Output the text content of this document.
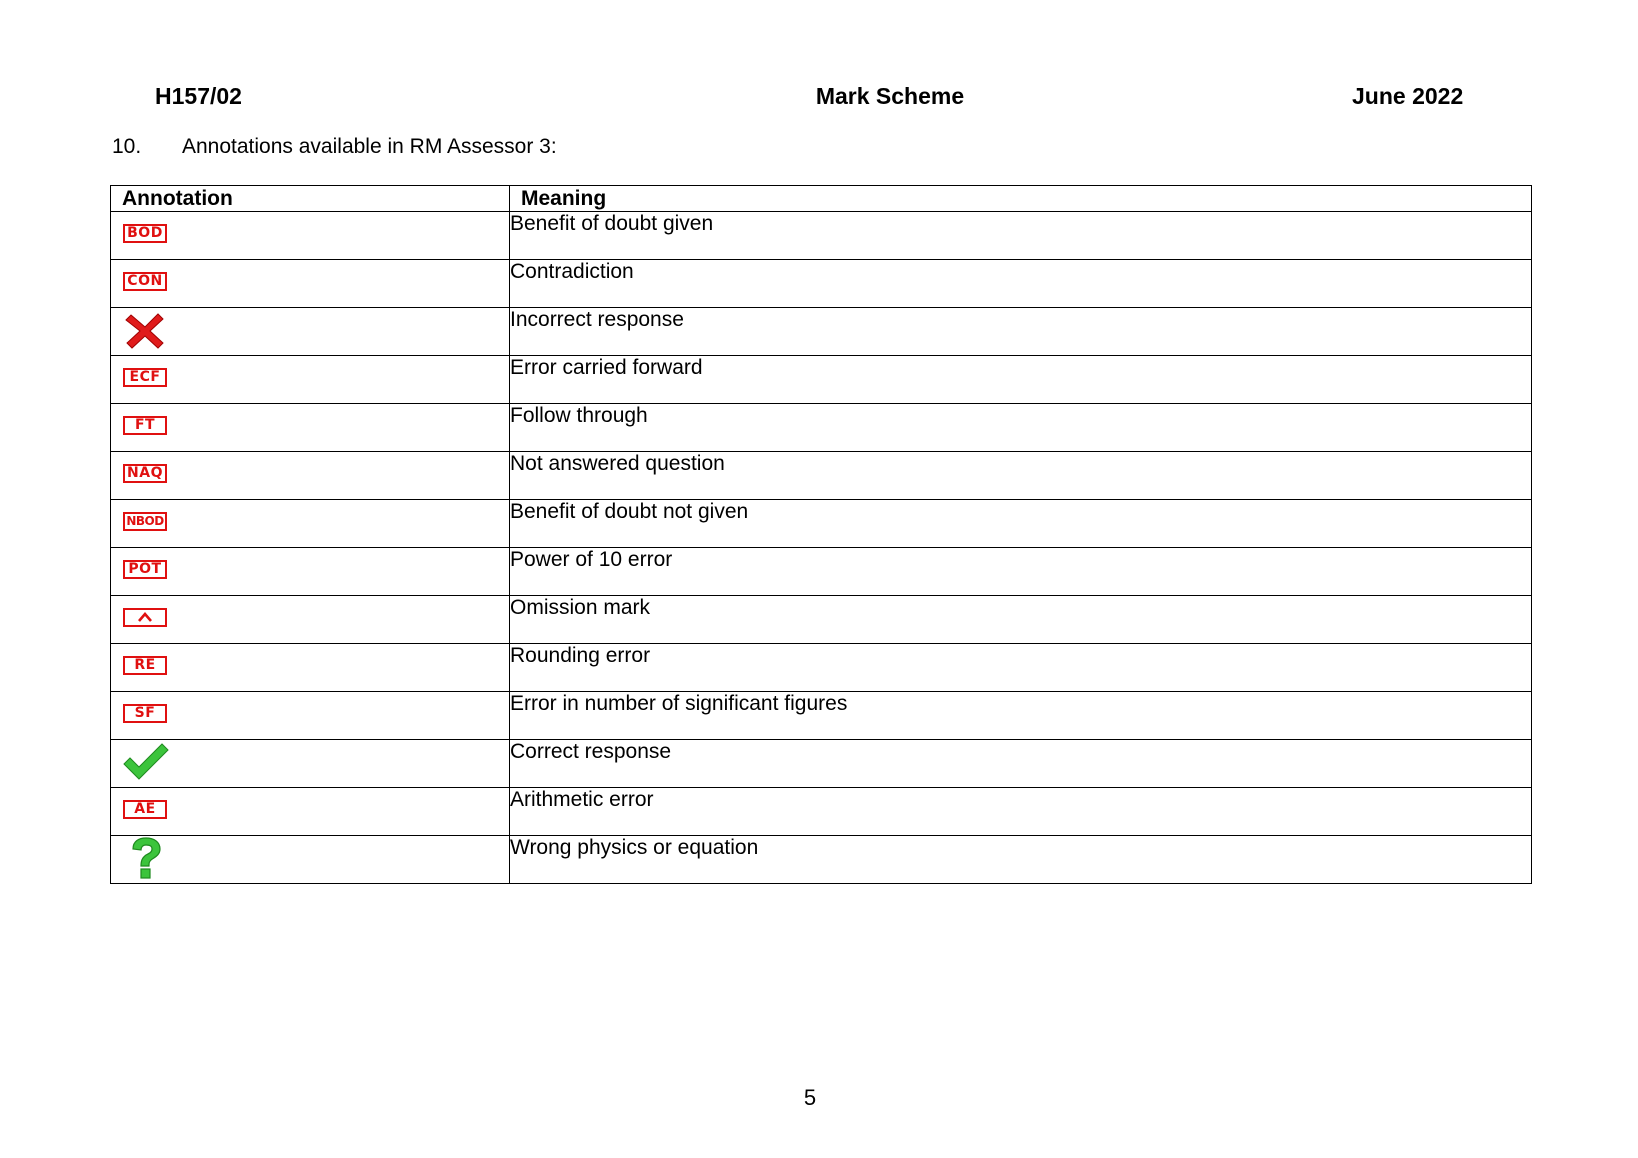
H157/02	Mark Scheme	June 2022
10. Annotations available in RM Assessor 3:
Annotation	Meaning

BOD	Benefit of doubt given

CON	Contradiction

	Incorrect response

ECF	Error carried forward

FT	Follow through

NAQ	Not answered question

NBOD	Benefit of doubt not given

POT	Power of 10 error

	Omission mark

RE	Rounding error

SF	Error in number of significant figures

	Correct response

AE	Arithmetic error

	Wrong physics or equation
5
